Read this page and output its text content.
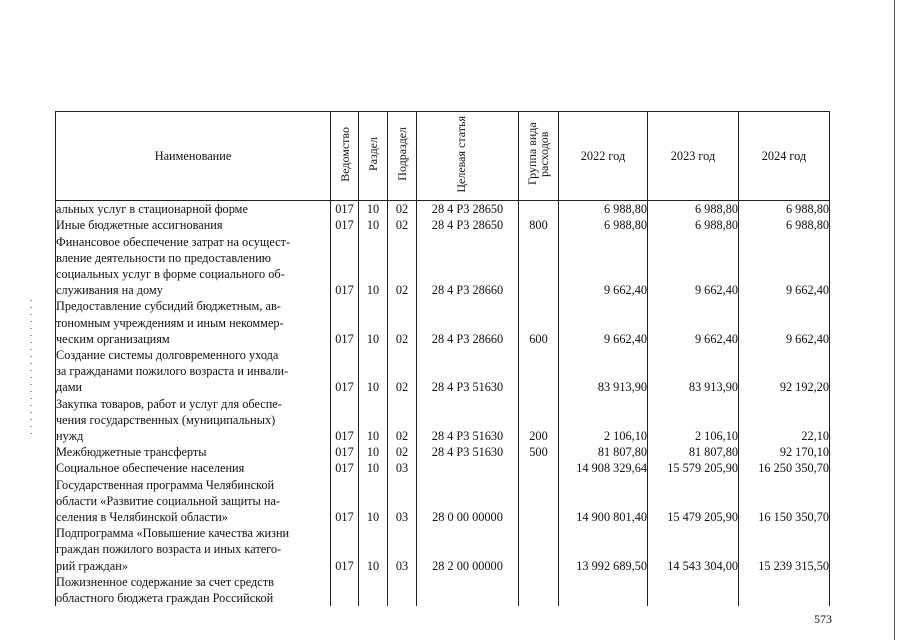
Наименование	Ведомство	Раздел	Подраздел	Целевая статья	Группа вида расходов	2022 год	2023 год	2024 год

альных услуг в стационарной форме	017	10	02	28 4 Р3 28650		6 988,80	6 988,80	6 988,80

Иные бюджетные ассигнования	017	10	02	28 4 Р3 28650	800	6 988,80	6 988,80	6 988,80

Финансовое обеспечение затрат на осущест-
вление деятельности по предоставлению
социальных услуг в форме социального об-
служивания на дому	017	10	02	28 4 Р3 28660		9 662,40	9 662,40	9 662,40

Предоставление субсидий бюджетным, ав-
тономным учреждениям и иным некоммер-
ческим организациям	017	10	02	28 4 Р3 28660	600	9 662,40	9 662,40	9 662,40

Создание системы долговременного ухода
за гражданами пожилого возраста и инвали-
дами	017	10	02	28 4 Р3 51630		83 913,90	83 913,90	92 192,20

Закупка товаров, работ и услуг для обеспе-
чения государственных (муниципальных)
нужд	017	10	02	28 4 Р3 51630	200	2 106,10	2 106,10	22,10

Межбюджетные трансферты	017	10	02	28 4 Р3 51630	500	81 807,80	81 807,80	92 170,10

Социальное обеспечение населения	017	10	03			14 908 329,64	15 579 205,90	16 250 350,70

Государственная программа Челябинской
области «Развитие социальной защиты на-
селения в Челябинской области»	017	10	03	28 0 00 00000		14 900 801,40	15 479 205,90	16 150 350,70

Подпрограмма «Повышение качества жизни
граждан пожилого возраста и иных катего-
рий граждан»	017	10	03	28 2 00 00000		13 992 689,50	14 543 304,00	15 239 315,50

Пожизненное содержание за счет средств
областного бюджета граждан Российской								

573
